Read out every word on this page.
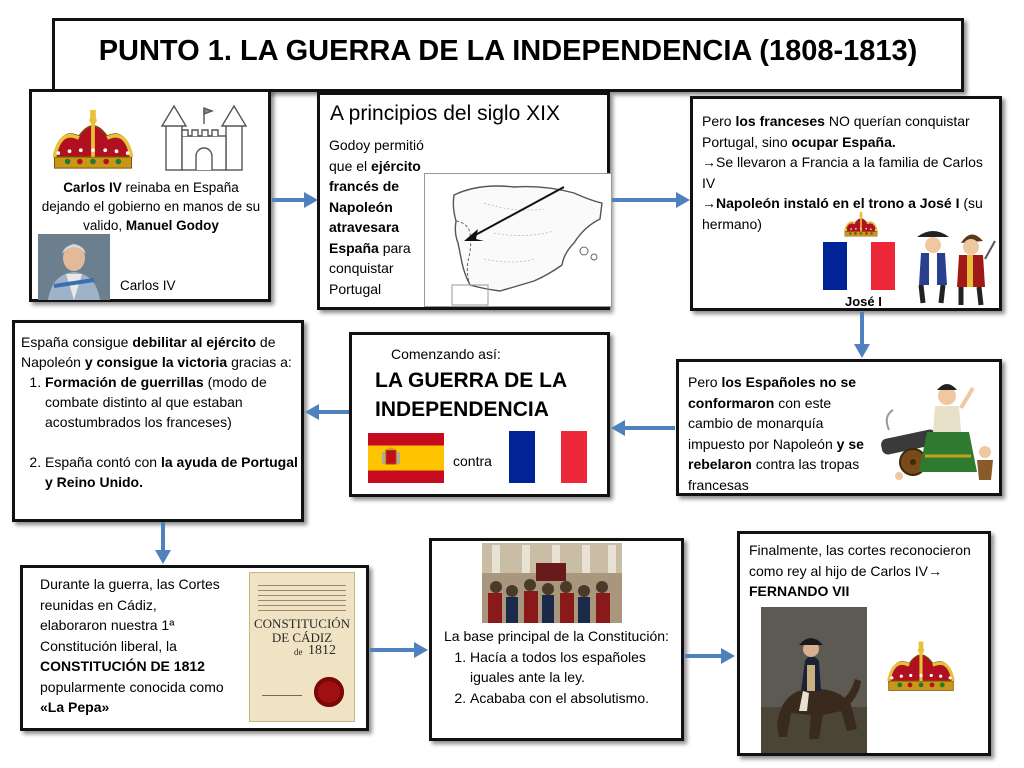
PUNTO 1. LA GUERRA DE LA INDEPENDENCIA (1808-1813)
Carlos IV reinaba en España dejando el gobierno en manos de su valido, Manuel Godoy
Carlos IV
A principios del siglo XIX
Godoy permitió que el ejército francés de Napoleón atravesara España para conquistar Portugal
Pero los franceses NO querían conquistar Portugal, sino ocupar España.
→Se llevaron a Francia a la familia de Carlos IV
→Napoleón instaló en el trono a José I (su hermano)
José I
Pero los Españoles no se conformaron con este cambio de monarquía impuesto por Napoleón y se rebelaron contra las tropas francesas
Comenzando así:
LA GUERRA DE LA INDEPENDENCIA
contra
España consigue debilitar al ejército de Napoleón y consigue la victoria gracias a:
1. Formación de guerrillas (modo de combate distinto al que estaban acostumbrados los franceses)
2. España contó con la ayuda de Portugal y Reino Unido.
Durante la guerra, las Cortes reunidas en Cádiz, elaboraron nuestra 1ª Constitución liberal, la CONSTITUCIÓN DE 1812 popularmente conocida como «La Pepa»
CONSTITUCIÓN DE CÁDIZ
de 1812
La base principal de la Constitución:
1. Hacía a todos los españoles iguales ante la ley.
2. Acababa con el absolutismo.
Finalmente, las cortes reconocieron como rey al hijo de Carlos IV→ FERNANDO VII
